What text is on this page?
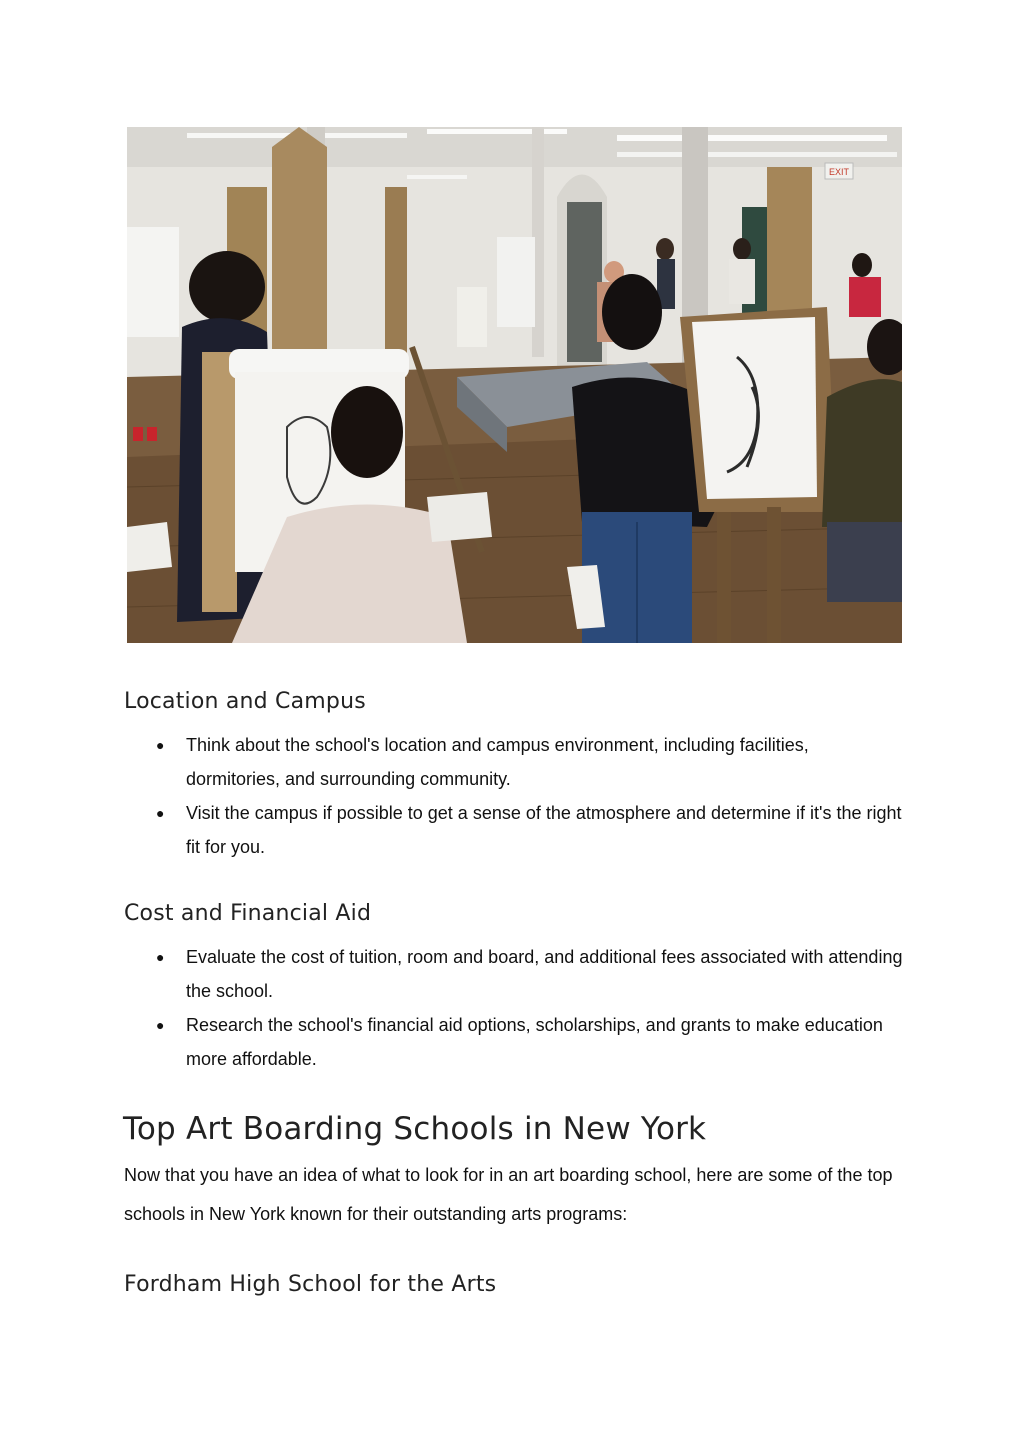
EXIT
Location and Campus
● Think about the school's location and campus environment, including facilities, dormitories, and surrounding community.
● Visit the campus if possible to get a sense of the atmosphere and determine if it's the right fit for you.
Cost and Financial Aid
● Evaluate the cost of tuition, room and board, and additional fees associated with attending the school.
● Research the school's financial aid options, scholarships, and grants to make education more affordable.
Top Art Boarding Schools in New York

Now that you have an idea of what to look for in an art boarding school, here are some of the top schools in New York known for their outstanding arts programs:

Fordham High School for the Arts
